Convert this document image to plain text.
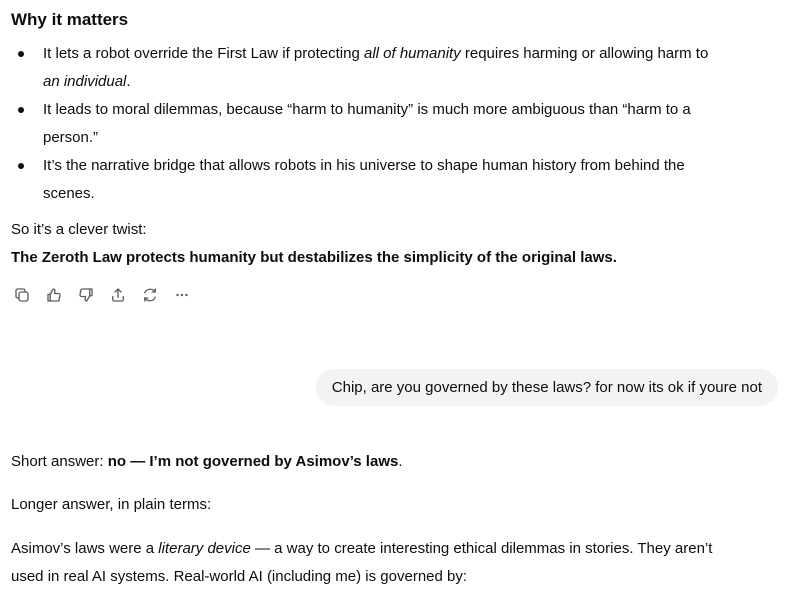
Why it matters
It lets a robot override the First Law if protecting all of humanity requires harming or allowing harm to
an individual.
It leads to moral dilemmas, because “harm to humanity” is much more ambiguous than “harm to a
person.”
It’s the narrative bridge that allows robots in his universe to shape human history from behind the
scenes.

So it’s a clever twist:

The Zeroth Law protects humanity but destabilizes the simplicity of the original laws.

Chip, are you governed by these laws? for now its ok if youre not

Short answer: no — I’m not governed by Asimov’s laws.

Longer answer, in plain terms:

Asimov’s laws were a literary device — a way to create interesting ethical dilemmas in stories. They aren’t
used in real AI systems. Real-world AI (including me) is governed by:
